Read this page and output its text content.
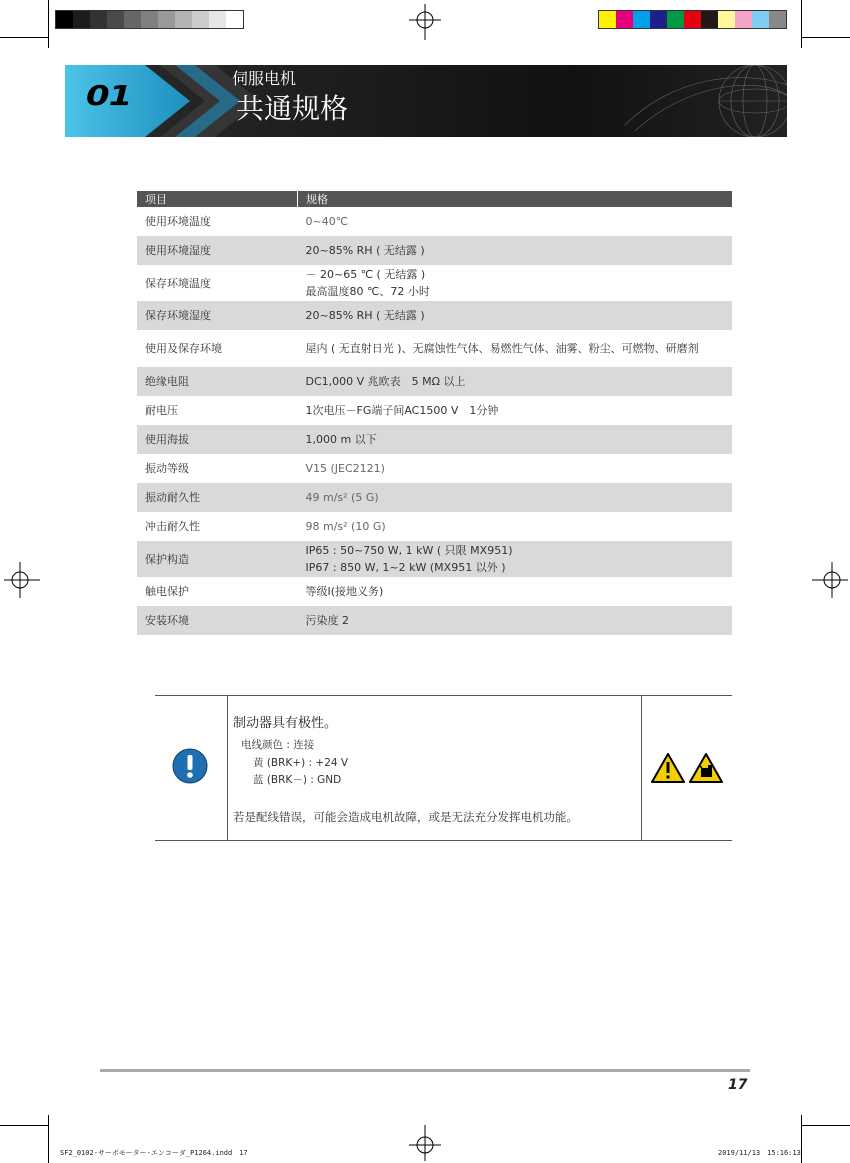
01
伺服电机
共通规格
项目	规格
使用环境温度	0~40℃
使用环境湿度	20~85% RH ( 无结露 )
保存环境温度	－ 20~65 ℃ ( 无结露 )
最高温度80 ℃、72 小时

保存环境湿度	20~85% RH ( 无结露 )
使用及保存环境	屋内 ( 无直射日光 )、无腐蚀性气体、易燃性气体、油雾、粉尘、可燃物、研磨剂
绝缘电阻	DC1,000 V 兆欧表　5 MΩ 以上
耐电压	1次电压－FG端子间AC1500 V　1分钟
使用海拔	1,000 m 以下
振动等级	V15 (JEC2121)
振动耐久性	49 m/s² (5 G)
冲击耐久性	98 m/s² (10 G)
保护构造	IP65 : 50~750 W, 1 kW ( 只限 MX951)
IP67 : 850 W, 1~2 kW (MX951 以外 )

触电保护	等级Ⅰ(接地义务)
安装环境	污染度 2
制动器具有极性。
电线颜色 : 连接
黄 (BRK+) : +24 V
蓝 (BRK－) : GND
若是配线错误，可能会造成电机故障，或是无法充分发挥电机功能。
17
SF2_0102-サーボモーター-エンコーダ_P1264.indd　17	2019/11/13　15:16:13
